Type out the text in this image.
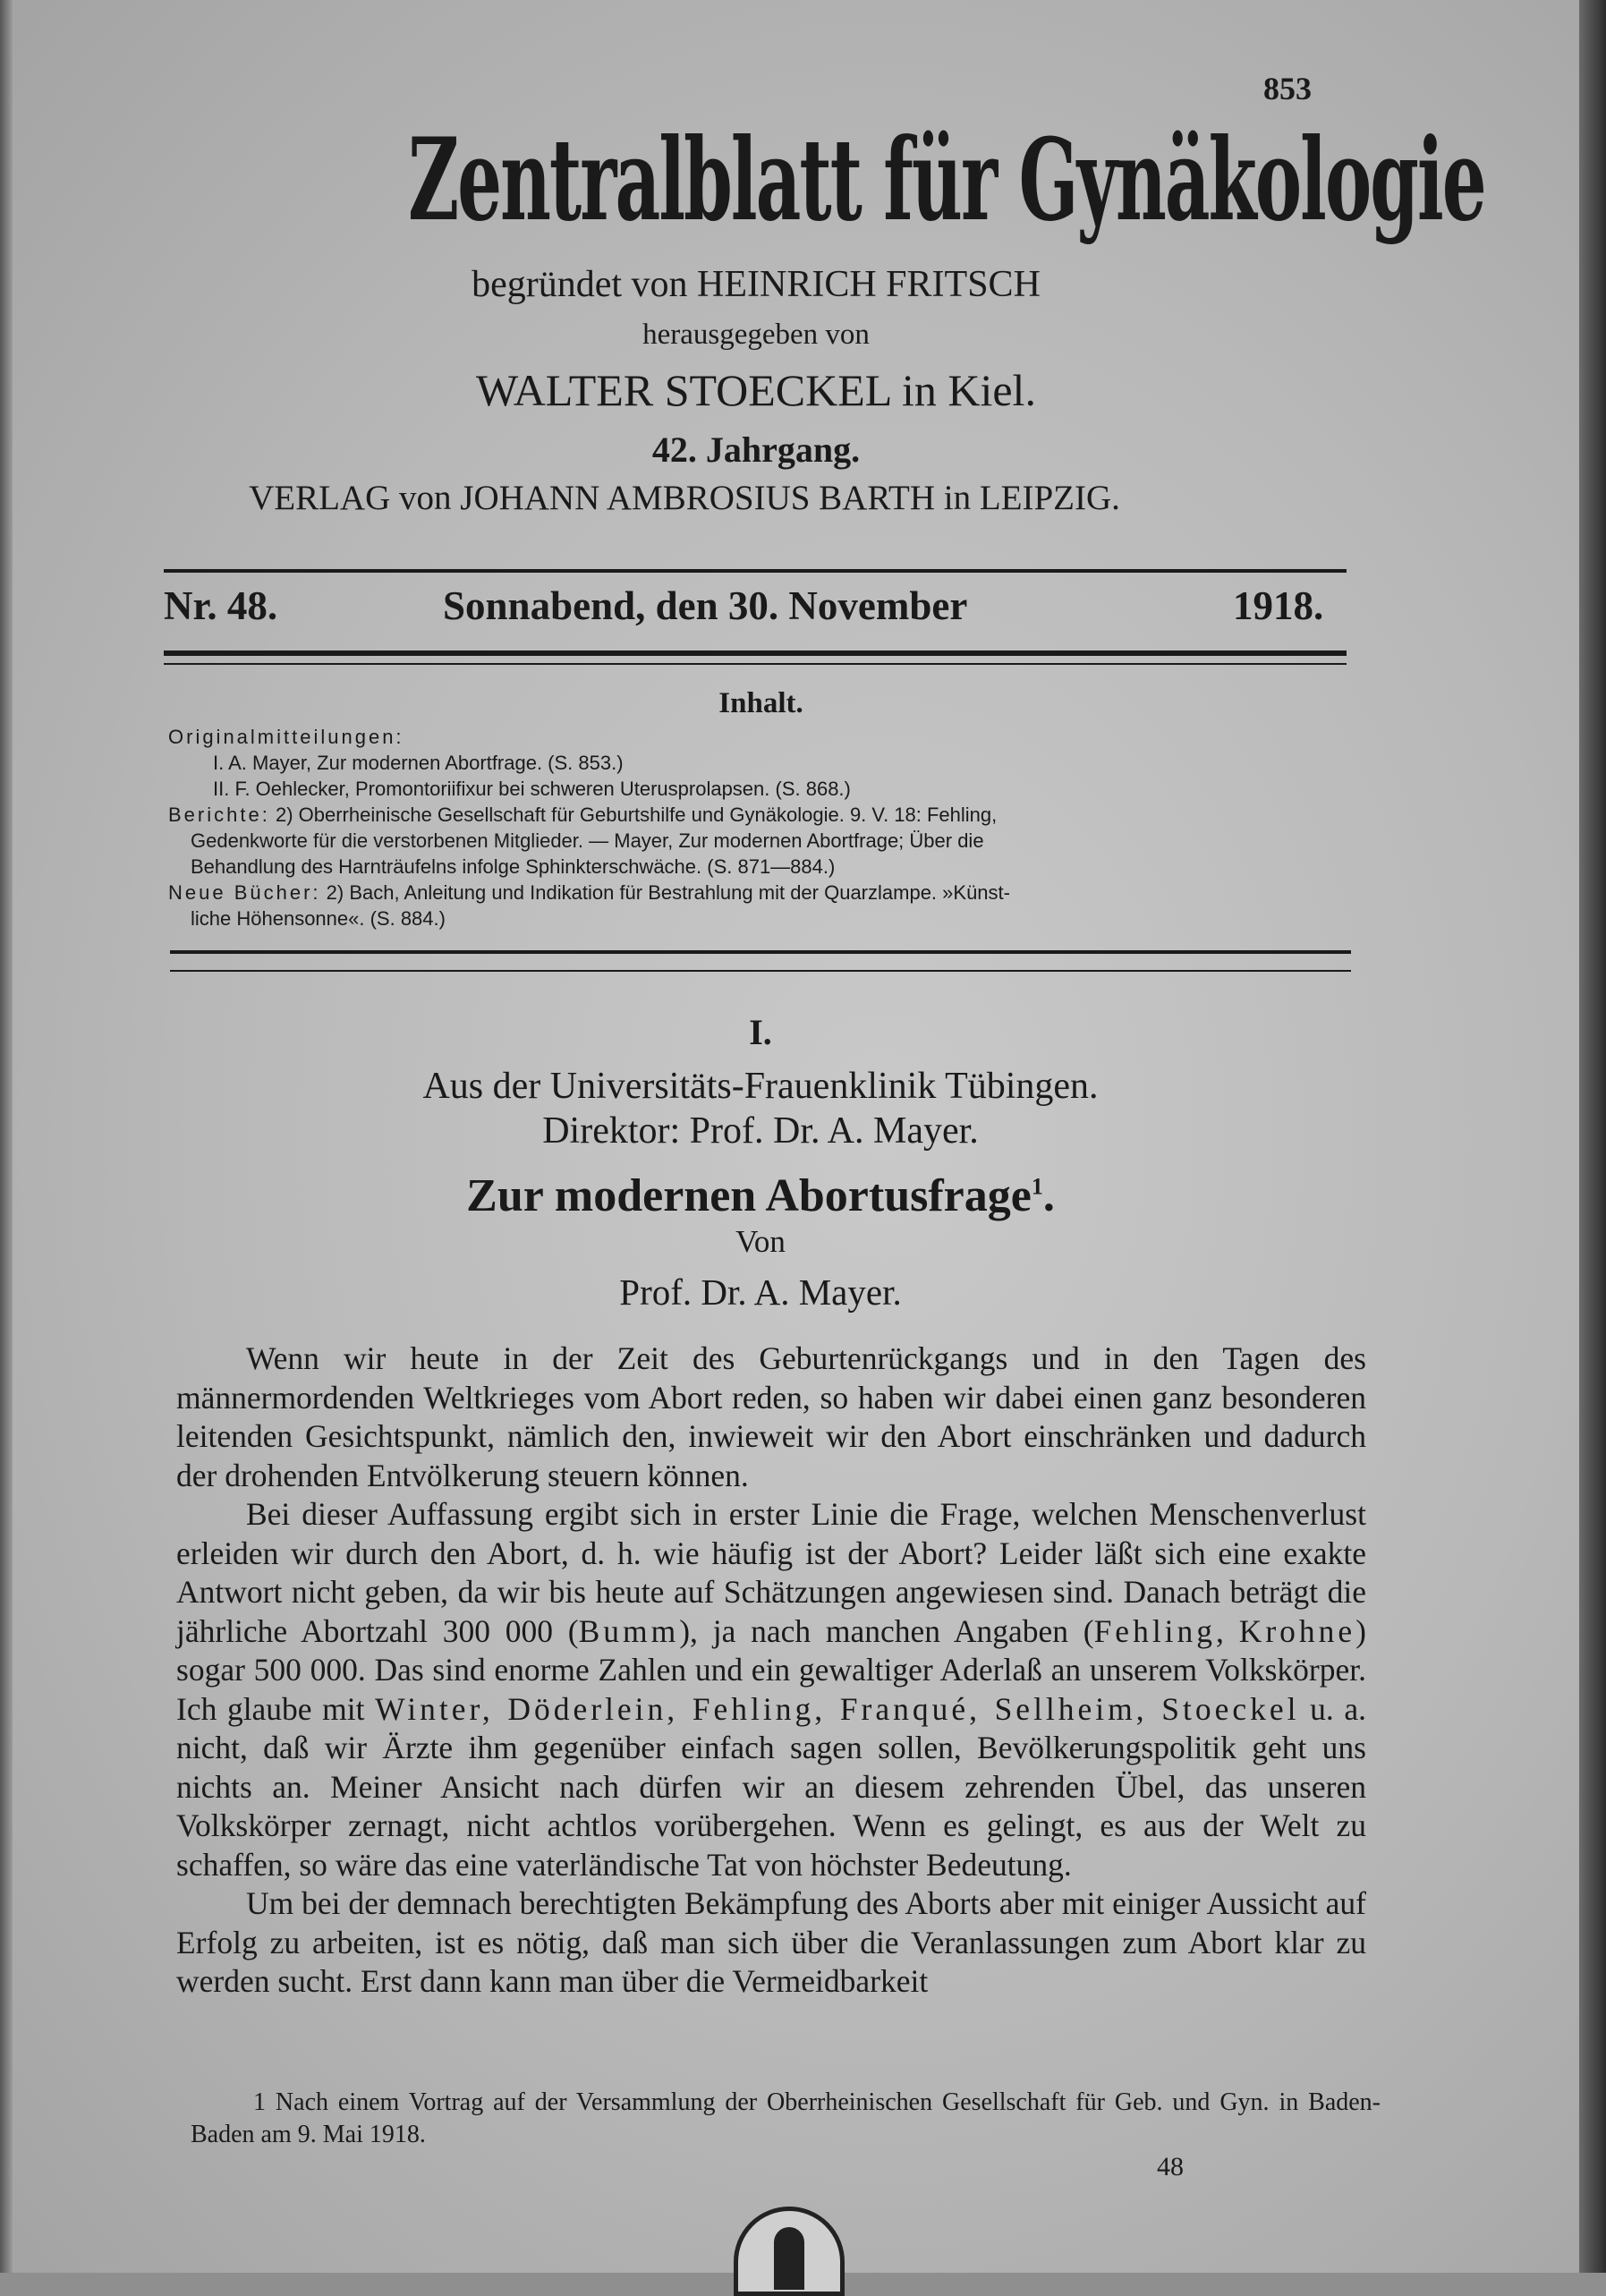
853
Zentralblatt für Gynäkologie
begründet von HEINRICH FRITSCH
herausgegeben von
WALTER STOECKEL in Kiel.
42. Jahrgang.
VERLAG von JOHANN AMBROSIUS BARTH in LEIPZIG.
Nr. 48.	Sonnabend, den 30. November	1918.
Inhalt.
Originalmitteilungen:
I. A. Mayer, Zur modernen Abortfrage. (S. 853.)
II. F. Oehlecker, Promontoriifixur bei schweren Uterusprolapsen. (S. 868.)
Berichte: 2) Oberrheinische Gesellschaft für Geburtshilfe und Gynäkologie. 9. V. 18: Fehling,
Gedenkworte für die verstorbenen Mitglieder. — Mayer, Zur modernen Abortfrage; Über die
Behandlung des Harnträufelns infolge Sphinkterschwäche. (S. 871—884.)
Neue Bücher: 2) Bach, Anleitung und Indikation für Bestrahlung mit der Quarzlampe. »Künst-
liche Höhensonne«. (S. 884.)
I.
Aus der Universitäts-Frauenklinik Tübingen.
Direktor: Prof. Dr. A. Mayer.
Zur modernen Abortusfrage$^1$.
Von
Prof. Dr. A. Mayer.

Wenn wir heute in der Zeit des Geburtenrückgangs und in den Tagen des männermordenden Weltkrieges vom Abort reden, so haben wir dabei einen ganz besonderen leitenden Gesichtspunkt, nämlich den, inwieweit wir den Abort einschränken und dadurch der drohenden Entvölkerung steuern können.

Bei dieser Auffassung ergibt sich in erster Linie die Frage, welchen Menschenverlust erleiden wir durch den Abort, d. h. wie häufig ist der Abort? Leider läßt sich eine exakte Antwort nicht geben, da wir bis heute auf Schätzungen angewiesen sind. Danach beträgt die jährliche Abortzahl 300 000 (Bumm), ja nach manchen Angaben (Fehling, Krohne) sogar 500 000. Das sind enorme Zahlen und ein gewaltiger Aderlaß an unserem Volkskörper. Ich glaube mit Winter, Döderlein, Fehling, Franqué, Sellheim, Stoeckel u. a. nicht, daß wir Ärzte ihm gegenüber einfach sagen sollen, Bevölkerungspolitik geht uns nichts an. Meiner Ansicht nach dürfen wir an diesem zehrenden Übel, das unseren Volkskörper zernagt, nicht achtlos vorübergehen. Wenn es gelingt, es aus der Welt zu schaffen, so wäre das eine vaterländische Tat von höchster Bedeutung.

Um bei der demnach berechtigten Bekämpfung des Aborts aber mit einiger Aussicht auf Erfolg zu arbeiten, ist es nötig, daß man sich über die Veranlassungen zum Abort klar zu werden sucht. Erst dann kann man über die Vermeidbarkeit

1 Nach einem Vortrag auf der Versammlung der Oberrheinischen Gesellschaft für Geb. und Gyn. in Baden-Baden am 9. Mai 1918.
48
